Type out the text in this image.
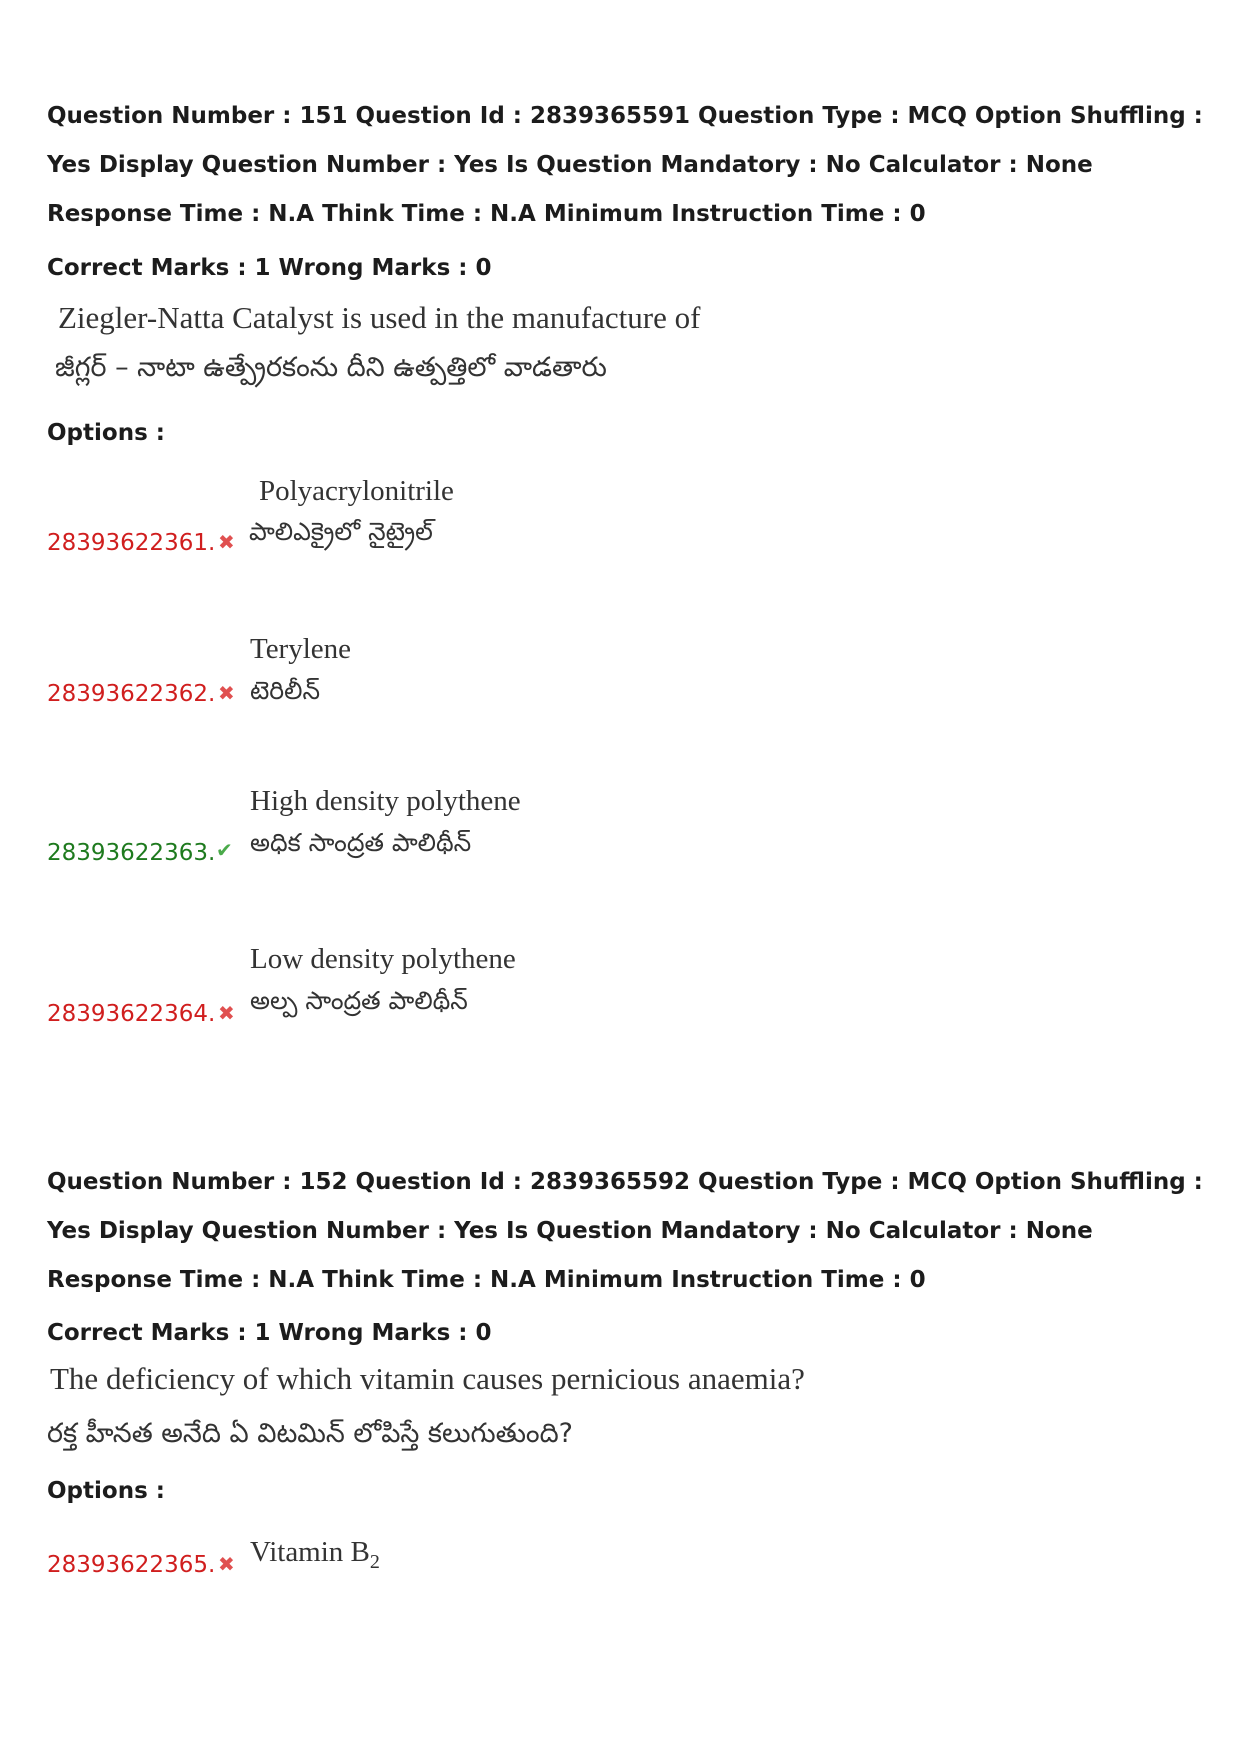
Question Number : 151 Question Id : 2839365591 Question Type : MCQ Option Shuffling : Yes Display Question Number : Yes Is Question Mandatory : No Calculator : None Response Time : N.A Think Time : N.A Minimum Instruction Time : 0
Correct Marks : 1 Wrong Marks : 0
Ziegler-Natta Catalyst is used in the manufacture of
జీగ్లర్ – నాటా ఉత్ప్రేరకంను దీని ఉత్పత్తిలో వాడతారు
Options :
Polyacrylonitrile
పాలిఎక్రైలో నైట్రైల్
28393622361. ✖
Terylene
టెరిలీన్
28393622362. ✖
High density polythene
అధిక సాంద్రత పాలిథీన్
28393622363. ✔
Low density polythene
అల్ప సాంద్రత పాలిథీన్
28393622364. ✖
Question Number : 152 Question Id : 2839365592 Question Type : MCQ Option Shuffling : Yes Display Question Number : Yes Is Question Mandatory : No Calculator : None Response Time : N.A Think Time : N.A Minimum Instruction Time : 0
Correct Marks : 1 Wrong Marks : 0
The deficiency of which vitamin causes pernicious anaemia?
రక్త హీనత అనేది ఏ విటమిన్ లోపిస్తే కలుగుతుంది?
Options :
Vitamin $B_2$
28393622365. ✖
